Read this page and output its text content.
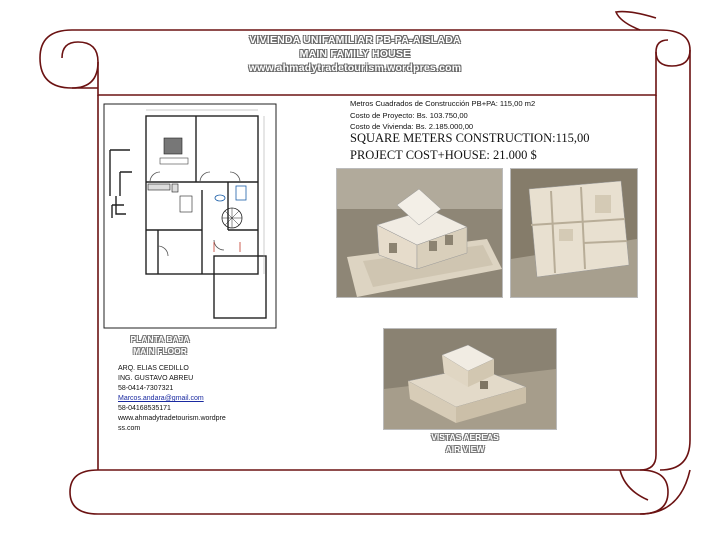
VIVIENDA UNIFAMILIAR PB-PA-AISLADA
MAIN FAMILY HOUSE
www.ahmadytradetourism.wordpres.com
Metros Cuadrados de Construcción PB+PA: 115,00 m2
Costo de Proyecto: Bs. 103.750,00
Costo de Vivienda: Bs. 2.185.000,00
SQUARE METERS CONSTRUCTION:115,00
PROJECT COST+HOUSE: 21.000 $
PLANTA BAJA
MAIN FLOOR
ARQ. ELIAS CEDILLO
ING. GUSTAVO ABREU
58-0414-7307321
Marcos.andara@gmail.com
58-04168535171
www.ahmadytradetourism.wordpre
ss.com
VISTAS AEREAS
AIR VIEW
